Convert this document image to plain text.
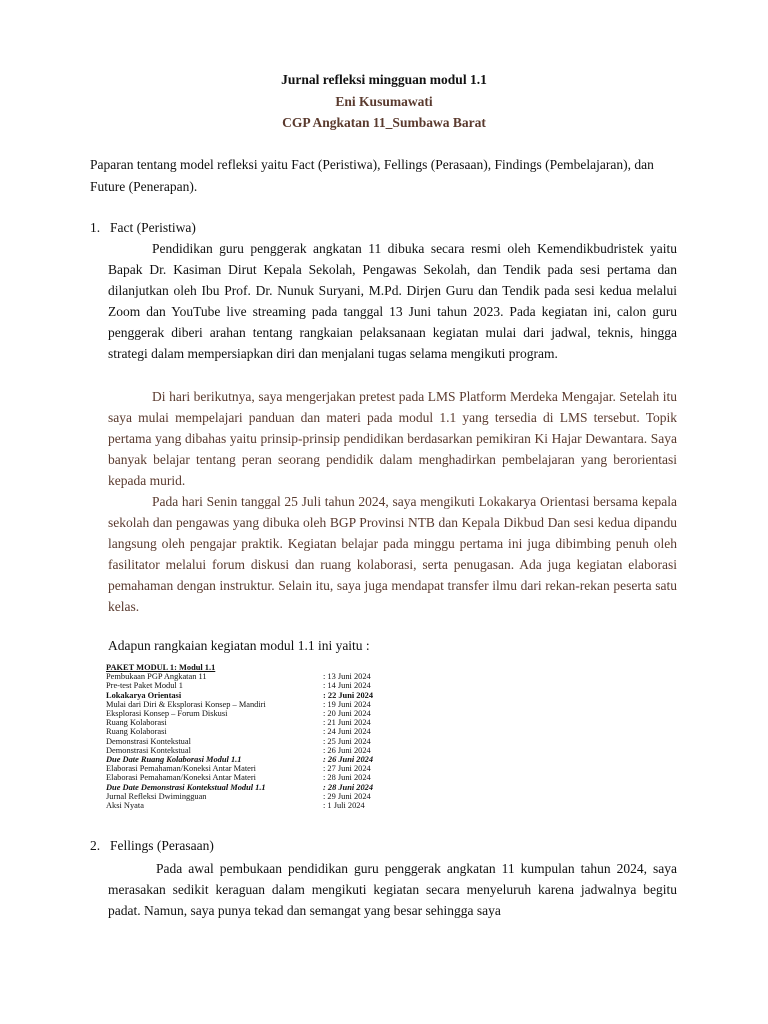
Jurnal refleksi mingguan modul 1.1
Eni Kusumawati
CGP Angkatan 11_Sumbawa Barat
Paparan tentang model refleksi yaitu Fact (Peristiwa), Fellings (Perasaan), Findings (Pembelajaran), dan Future (Penerapan).
1. Fact (Peristiwa)

Pendidikan guru penggerak angkatan 11 dibuka secara resmi oleh Kemendikbudristek yaitu Bapak Dr. Kasiman Dirut Kepala Sekolah, Pengawas Sekolah, dan Tendik pada sesi pertama dan dilanjutkan oleh Ibu Prof. Dr. Nunuk Suryani, M.Pd. Dirjen Guru dan Tendik pada sesi kedua melalui Zoom dan YouTube live streaming pada tanggal 13 Juni tahun 2023. Pada kegiatan ini, calon guru penggerak diberi arahan tentang rangkaian pelaksanaan kegiatan mulai dari jadwal, teknis, hingga strategi dalam mempersiapkan diri dan menjalani tugas selama mengikuti program.

Di hari berikutnya, saya mengerjakan pretest pada LMS Platform Merdeka Mengajar. Setelah itu saya mulai mempelajari panduan dan materi pada modul 1.1 yang tersedia di LMS tersebut. Topik pertama yang dibahas yaitu prinsip-prinsip pendidikan berdasarkan pemikiran Ki Hajar Dewantara. Saya banyak belajar tentang peran seorang pendidik dalam menghadirkan pembelajaran yang berorientasi kepada murid.

Pada hari Senin tanggal 25 Juli tahun 2024, saya mengikuti Lokakarya Orientasi bersama kepala sekolah dan pengawas yang dibuka oleh BGP Provinsi NTB dan Kepala Dikbud Dan sesi kedua dipandu langsung oleh pengajar praktik. Kegiatan belajar pada minggu pertama ini juga dibimbing penuh oleh fasilitator melalui forum diskusi dan ruang kolaborasi, serta penugasan. Ada juga kegiatan elaborasi pemahaman dengan instruktur. Selain itu, saya juga mendapat transfer ilmu dari rekan-rekan peserta satu kelas.

Adapun rangkaian kegiatan modul 1.1 ini yaitu :
PAKET MODUL 1: Modul 1.1
Pembukaan PGP Angkatan 11	: 13 Juni 2024
Pre-test Paket Modul 1	: 14 Juni 2024
Lokakarya Orientasi	: 22 Juni 2024
Mulai dari Diri & Eksplorasi Konsep – Mandiri	: 19 Juni 2024
Eksplorasi Konsep – Forum Diskusi	: 20 Juni 2024
Ruang Kolaborasi	: 21 Juni 2024
Ruang Kolaborasi	: 24 Juni 2024
Demonstrasi Kontekstual	: 25 Juni 2024
Demonstrasi Kontekstual	: 26 Juni 2024
Due Date Ruang Kolaborasi Modul 1.1	: 26 Juni 2024
Elaborasi Pemahaman/Koneksi Antar Materi	: 27 Juni 2024
Elaborasi Pemahaman/Koneksi Antar Materi	: 28 Juni 2024
Due Date Demonstrasi Kontekstual Modul 1.1	: 28 Juni 2024
Jurnal Refleksi Dwimingguan	: 29 Juni 2024
Aksi Nyata	: 1 Juli 2024
2. Fellings (Perasaan)

Pada awal pembukaan pendidikan guru penggerak angkatan 11 kumpulan tahun 2024, saya merasakan sedikit keraguan dalam mengikuti kegiatan secara menyeluruh karena jadwalnya begitu padat. Namun, saya punya tekad dan semangat yang besar sehingga saya
